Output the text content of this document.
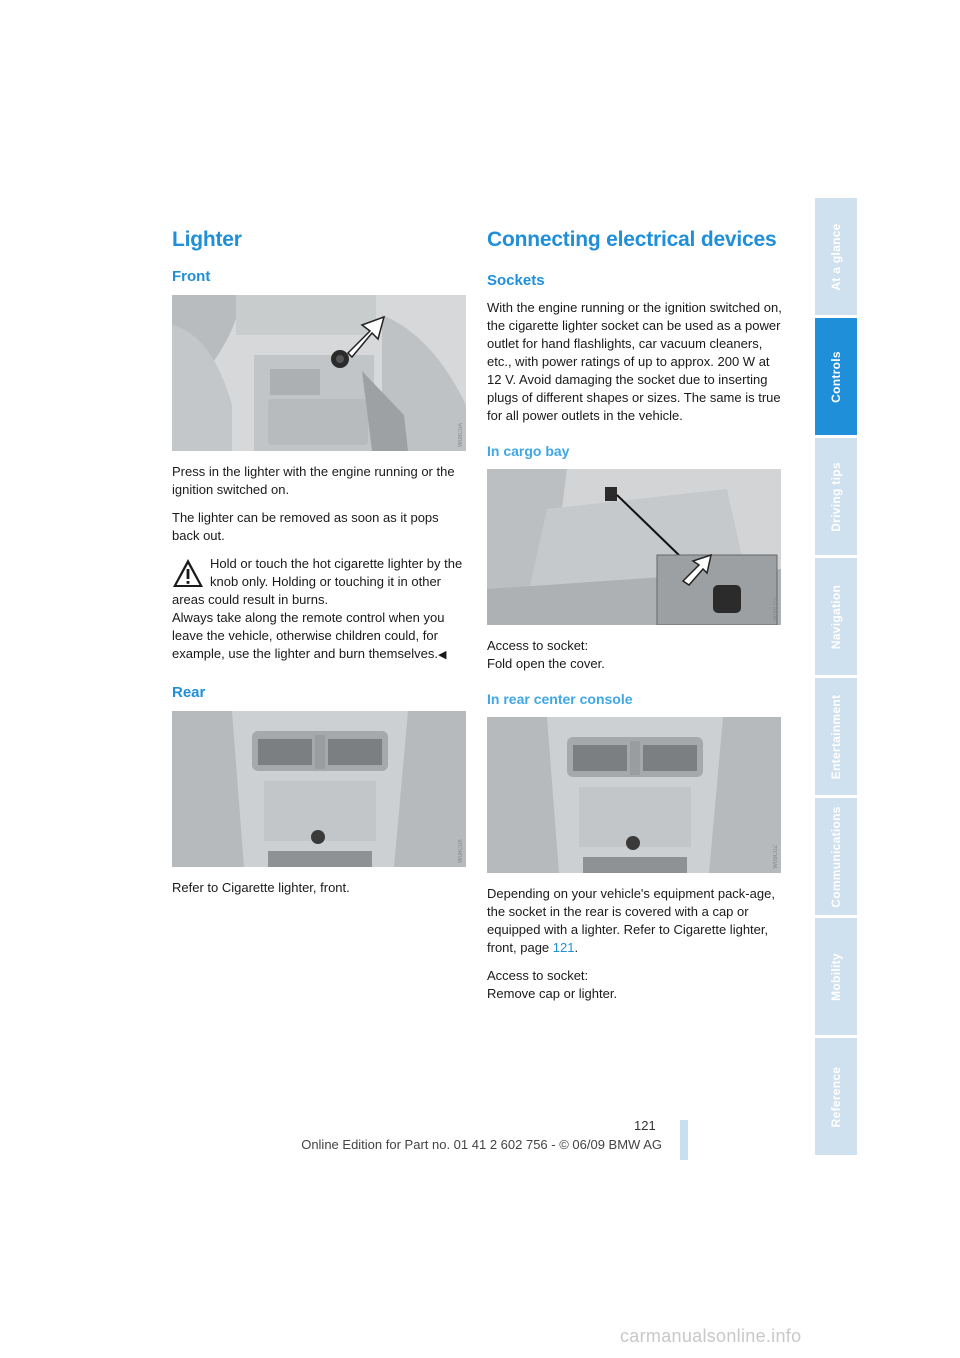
Lighter
Front
W08C0A

Press in the lighter with the engine running or the ignition switched on.

The lighter can be removed as soon as it pops back out.

Hold or touch the hot cigarette lighter by the knob only. Holding or touching it in other areas could result in burns.
Always take along the remote control when you leave the vehicle, otherwise children could, for example, use the lighter and burn themselves.◀
Rear
W08C0X

Refer to Cigarette lighter, front.

Connecting electrical devices
Sockets

With the engine running or the ignition switched on, the cigarette lighter socket can be used as a power outlet for hand flashlights, car vacuum cleaners, etc., with power ratings of up to approx. 200 W at 12 V. Avoid damaging the socket due to inserting plugs of different shapes or sizes. The same is true for all power outlets in the vehicle.

In cargo bay
W08C0Y

Access to socket:

Fold open the cover.

In rear center console
W08C0Z

Depending on your vehicle's equipment pack-age, the socket in the rear is covered with a cap or equipped with a lighter. Refer to Cigarette lighter, front, page 121.

Access to socket:

Remove cap or lighter.

At a glance
Controls
Driving tips
Navigation
Entertainment
Communications
Mobility
Reference
121
Online Edition for Part no. 01 41 2 602 756 - © 06/09 BMW AG
carmanualsonline.info
